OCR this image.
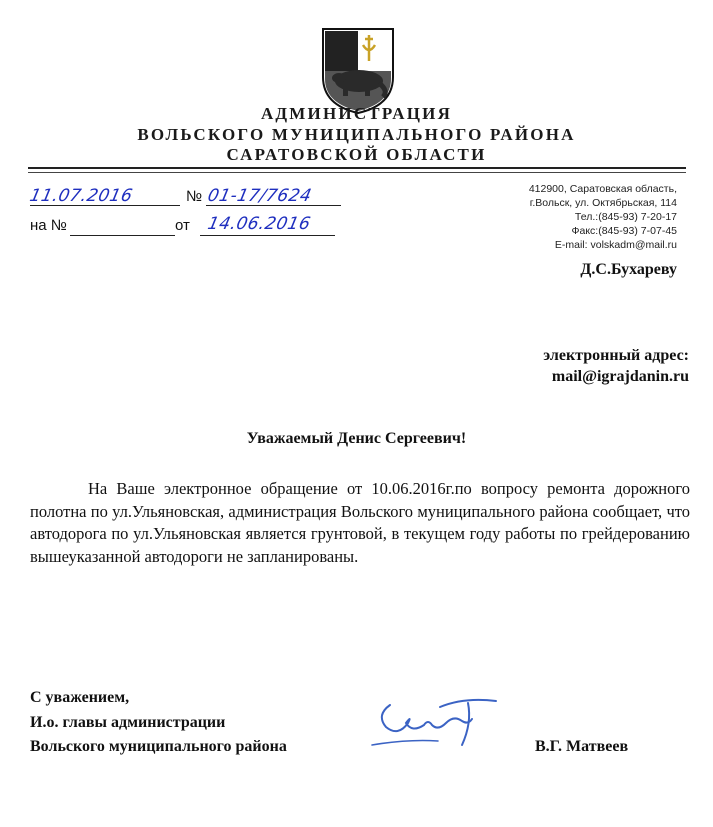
АДМИНИСТРАЦИЯ
ВОЛЬСКОГО МУНИЦИПАЛЬНОГО РАЙОНА
САРАТОВСКОЙ ОБЛАСТИ
11.07.2016	№ 01-17/7624
на №	от 14.06.2016
412900, Саратовская область,
г.Вольск, ул. Октябрьская, 114
Тел.:(845-93) 7-20-17
Факс:(845-93) 7-07-45
E-mail: volskadm@mail.ru
Д.С.Бухареву
электронный адрес:
mail@igrajdanin.ru
Уважаемый Денис Сергеевич!
На Ваше электронное обращение от 10.06.2016г.по вопросу ремонта дорожного полотна по ул.Ульяновская, администрация Вольского муниципального района сообщает, что автодорога по ул.Ульяновская является грунтовой, в текущем году работы по грейдерованию вышеуказанной автодороги не запланированы.
С уважением,
И.о. главы администрации
Вольского муниципального района	В.Г. Матвеев
